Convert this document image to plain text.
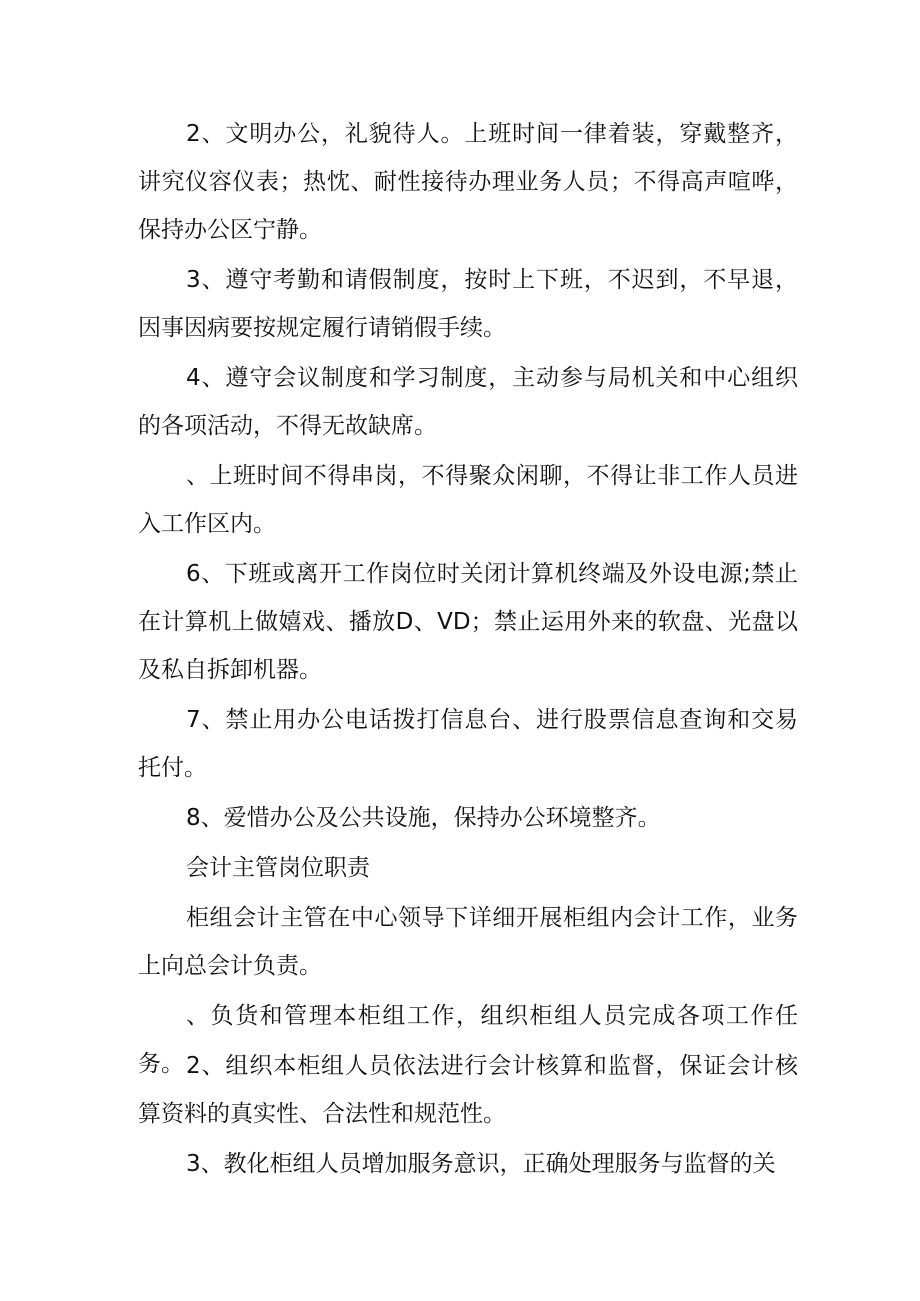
2、文明办公，礼貌待人。上班时间一律着装，穿戴整齐，讲究仪容仪表；热忱、耐性接待办理业务人员；不得高声喧哗，保持办公区宁静。

3、遵守考勤和请假制度，按时上下班，不迟到，不早退，因事因病要按规定履行请销假手续。

4、遵守会议制度和学习制度，主动参与局机关和中心组织的各项活动，不得无故缺席。

、上班时间不得串岗，不得聚众闲聊，不得让非工作人员进入工作区内。

6、下班或离开工作岗位时关闭计算机终端及外设电源;禁止在计算机上做嬉戏、播放D、VD；禁止运用外来的软盘、光盘以及私自拆卸机器。

7、禁止用办公电话拨打信息台、进行股票信息查询和交易托付。

8、爱惜办公及公共设施，保持办公环境整齐。

会计主管岗位职责

柜组会计主管在中心领导下详细开展柜组内会计工作，业务上向总会计负责。

、负货和管理本柜组工作，组织柜组人员完成各项工作任务。 2、组织本柜组人员依法进行会计核算和监督，保证会计核算资料的真实性、合法性和规范性。

3、教化柜组人员增加服务意识，正确处理服务与监督的关
